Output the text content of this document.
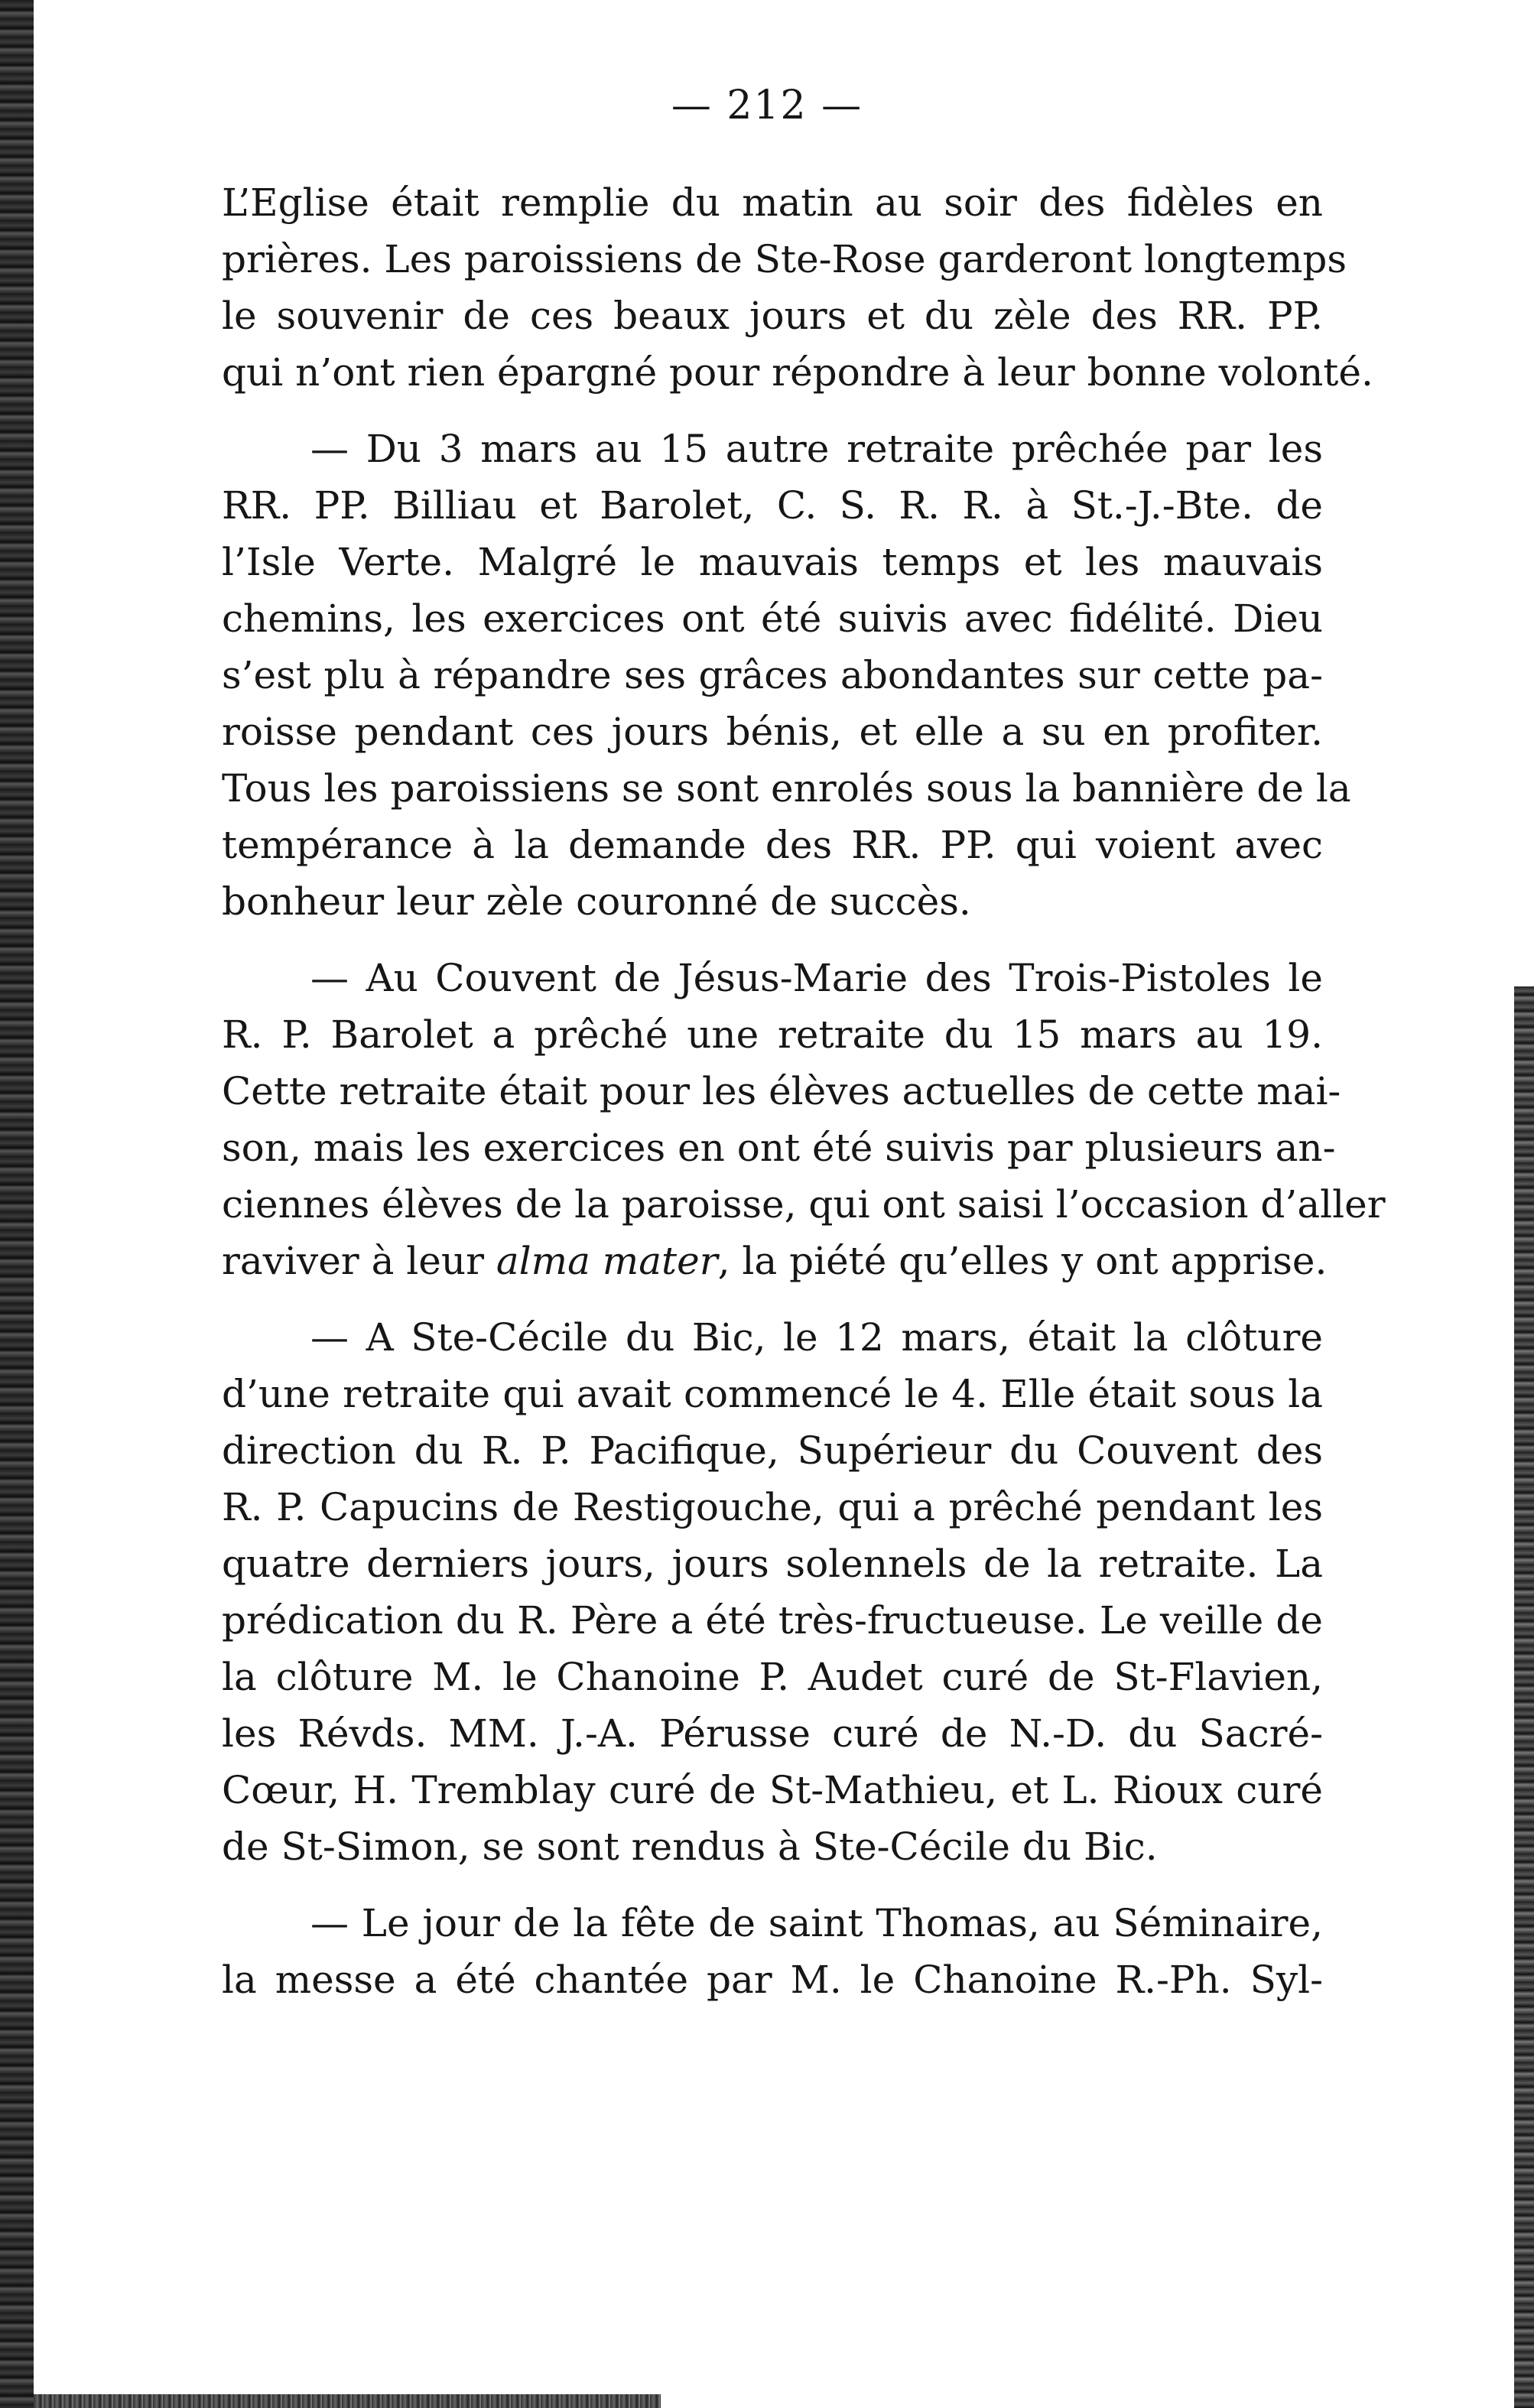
— 212 —
L’Eglise était remplie du matin au soir des fidèles en
prières. Les paroissiens de Ste-Rose garderont longtemps
le souvenir de ces beaux jours et du zèle des RR. PP.
qui n’ont rien épargné pour répondre à leur bonne volonté.
— Du 3 mars au 15 autre retraite prêchée par les
RR. PP. Billiau et Barolet, C. S. R. R. à St.-J.-Bte. de
l’Isle Verte. Malgré le mauvais temps et les mauvais
chemins, les exercices ont été suivis avec fidélité. Dieu
s’est plu à répandre ses grâces abondantes sur cette pa-
roisse pendant ces jours bénis, et elle a su en profiter.
Tous les paroissiens se sont enrolés sous la bannière de la
tempérance à la demande des RR. PP. qui voient avec
bonheur leur zèle couronné de succès.
— Au Couvent de Jésus-Marie des Trois-Pistoles le
R. P. Barolet a prêché une retraite du 15 mars au 19.
Cette retraite était pour les élèves actuelles de cette mai-
son, mais les exercices en ont été suivis par plusieurs an-
ciennes élèves de la paroisse, qui ont saisi l’occasion d’aller
raviver à leur alma mater, la piété qu’elles y ont apprise.
— A Ste-Cécile du Bic, le 12 mars, était la clôture
d’une retraite qui avait commencé le 4. Elle était sous la
direction du R. P. Pacifique, Supérieur du Couvent des
R. P. Capucins de Restigouche, qui a prêché pendant les
quatre derniers jours, jours solennels de la retraite. La
prédication du R. Père a été très-fructueuse. Le veille de
la clôture M. le Chanoine P. Audet curé de St-Flavien,
les Révds. MM. J.-A. Pérusse curé de N.-D. du Sacré-
Cœur, H. Tremblay curé de St-Mathieu, et L. Rioux curé
de St-Simon, se sont rendus à Ste-Cécile du Bic.
— Le jour de la fête de saint Thomas, au Séminaire,
la messe a été chantée par M. le Chanoine R.-Ph. Syl-
